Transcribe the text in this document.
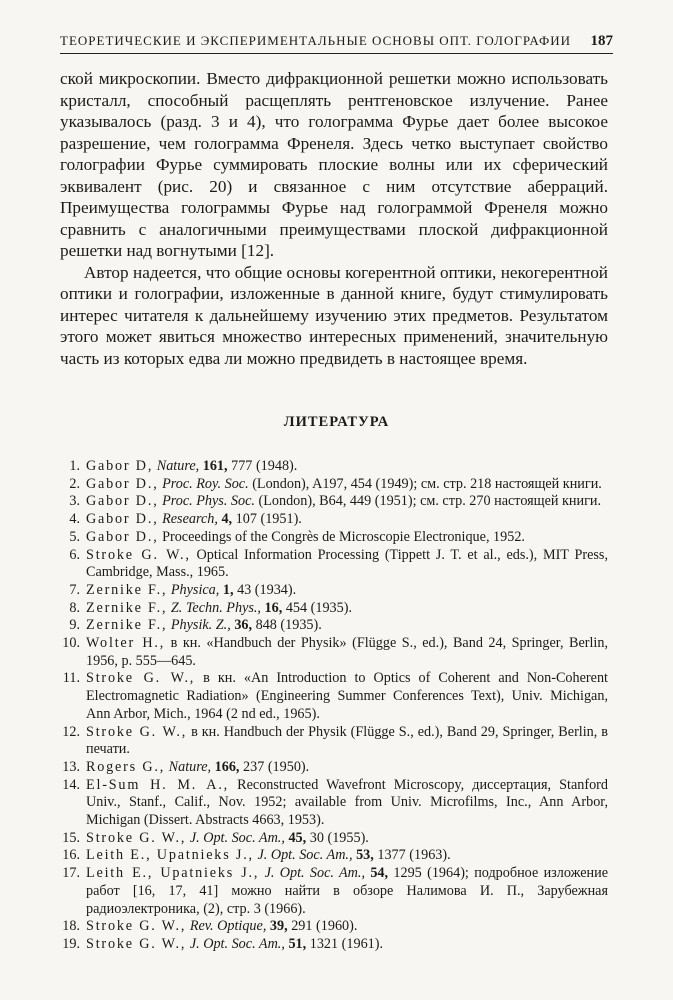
ТЕОРЕТИЧЕСКИЕ И ЭКСПЕРИМЕНТАЛЬНЫЕ ОСНОВЫ ОПТ. ГОЛОГРАФИИ 187

ской микроскопии. Вместо дифракционной решетки можно использовать кристалл, способный расщеплять рентгеновское излучение. Ранее указывалось (разд. 3 и 4), что голограмма Фурье дает более высокое разрешение, чем голограмма Френеля. Здесь четко выступает свойство голографии Фурье суммировать плоские волны или их сферический эквивалент (рис. 20) и связанное с ним отсутствие аберраций. Преимущества голограммы Фурье над голограммой Френеля можно сравнить с аналогичными преимуществами плоской дифракционной решетки над вогнутыми [12].

Автор надеется, что общие основы когерентной оптики, некогерентной оптики и голографии, изложенные в данной книге, будут стимулировать интерес читателя к дальнейшему изучению этих предметов. Результатом этого может явиться множество интересных применений, значительную часть из которых едва ли можно предвидеть в настоящее время.

ЛИТЕРАТУРА
1. Gabor D, Nature, 161, 777 (1948).
2. Gabor D., Proc. Roy. Soc. (London), A197, 454 (1949); см. стр. 218 настоящей книги.
3. Gabor D., Proc. Phys. Soc. (London), B64, 449 (1951); см. стр. 270 настоящей книги.
4. Gabor D., Research, 4, 107 (1951).
5. Gabor D., Proceedings of the Congrès de Microscopie Electronique, 1952.
6. Stroke G. W., Optical Information Processing (Tippett J. T. et al., eds.), MIT Press, Cambridge, Mass., 1965.
7. Zernike F., Physica, 1, 43 (1934).
8. Zernike F., Z. Techn. Phys., 16, 454 (1935).
9. Zernike F., Physik. Z., 36, 848 (1935).
10. Wolter H., в кн. «Handbuch der Physik» (Flügge S., ed.), Band 24, Springer, Berlin, 1956, p. 555—645.
11. Stroke G. W., в кн. «An Introduction to Optics of Coherent and Non-Coherent Electromagnetic Radiation» (Engineering Summer Conferences Text), Univ. Michigan, Ann Arbor, Mich., 1964 (2 nd ed., 1965).
12. Stroke G. W., в кн. Handbuch der Physik (Flügge S., ed.), Band 29, Springer, Berlin, в печати.
13. Rogers G., Nature, 166, 237 (1950).
14. El-Sum H. M. A., Reconstructed Wavefront Microscopy, диссертация, Stanford Univ., Stanf., Calif., Nov. 1952; available from Univ. Microfilms, Inc., Ann Arbor, Michigan (Dissert. Abstracts 4663, 1953).
15. Stroke G. W., J. Opt. Soc. Am., 45, 30 (1955).
16. Leith E., Upatnieks J., J. Opt. Soc. Am., 53, 1377 (1963).
17. Leith E., Upatnieks J., J. Opt. Soc. Am., 54, 1295 (1964); подробное изложение работ [16, 17, 41] можно найти в обзоре Налимова И. П., Зарубежная радиоэлектроника, (2), стр. 3 (1966).
18. Stroke G. W., Rev. Optique, 39, 291 (1960).
19. Stroke G. W., J. Opt. Soc. Am., 51, 1321 (1961).
